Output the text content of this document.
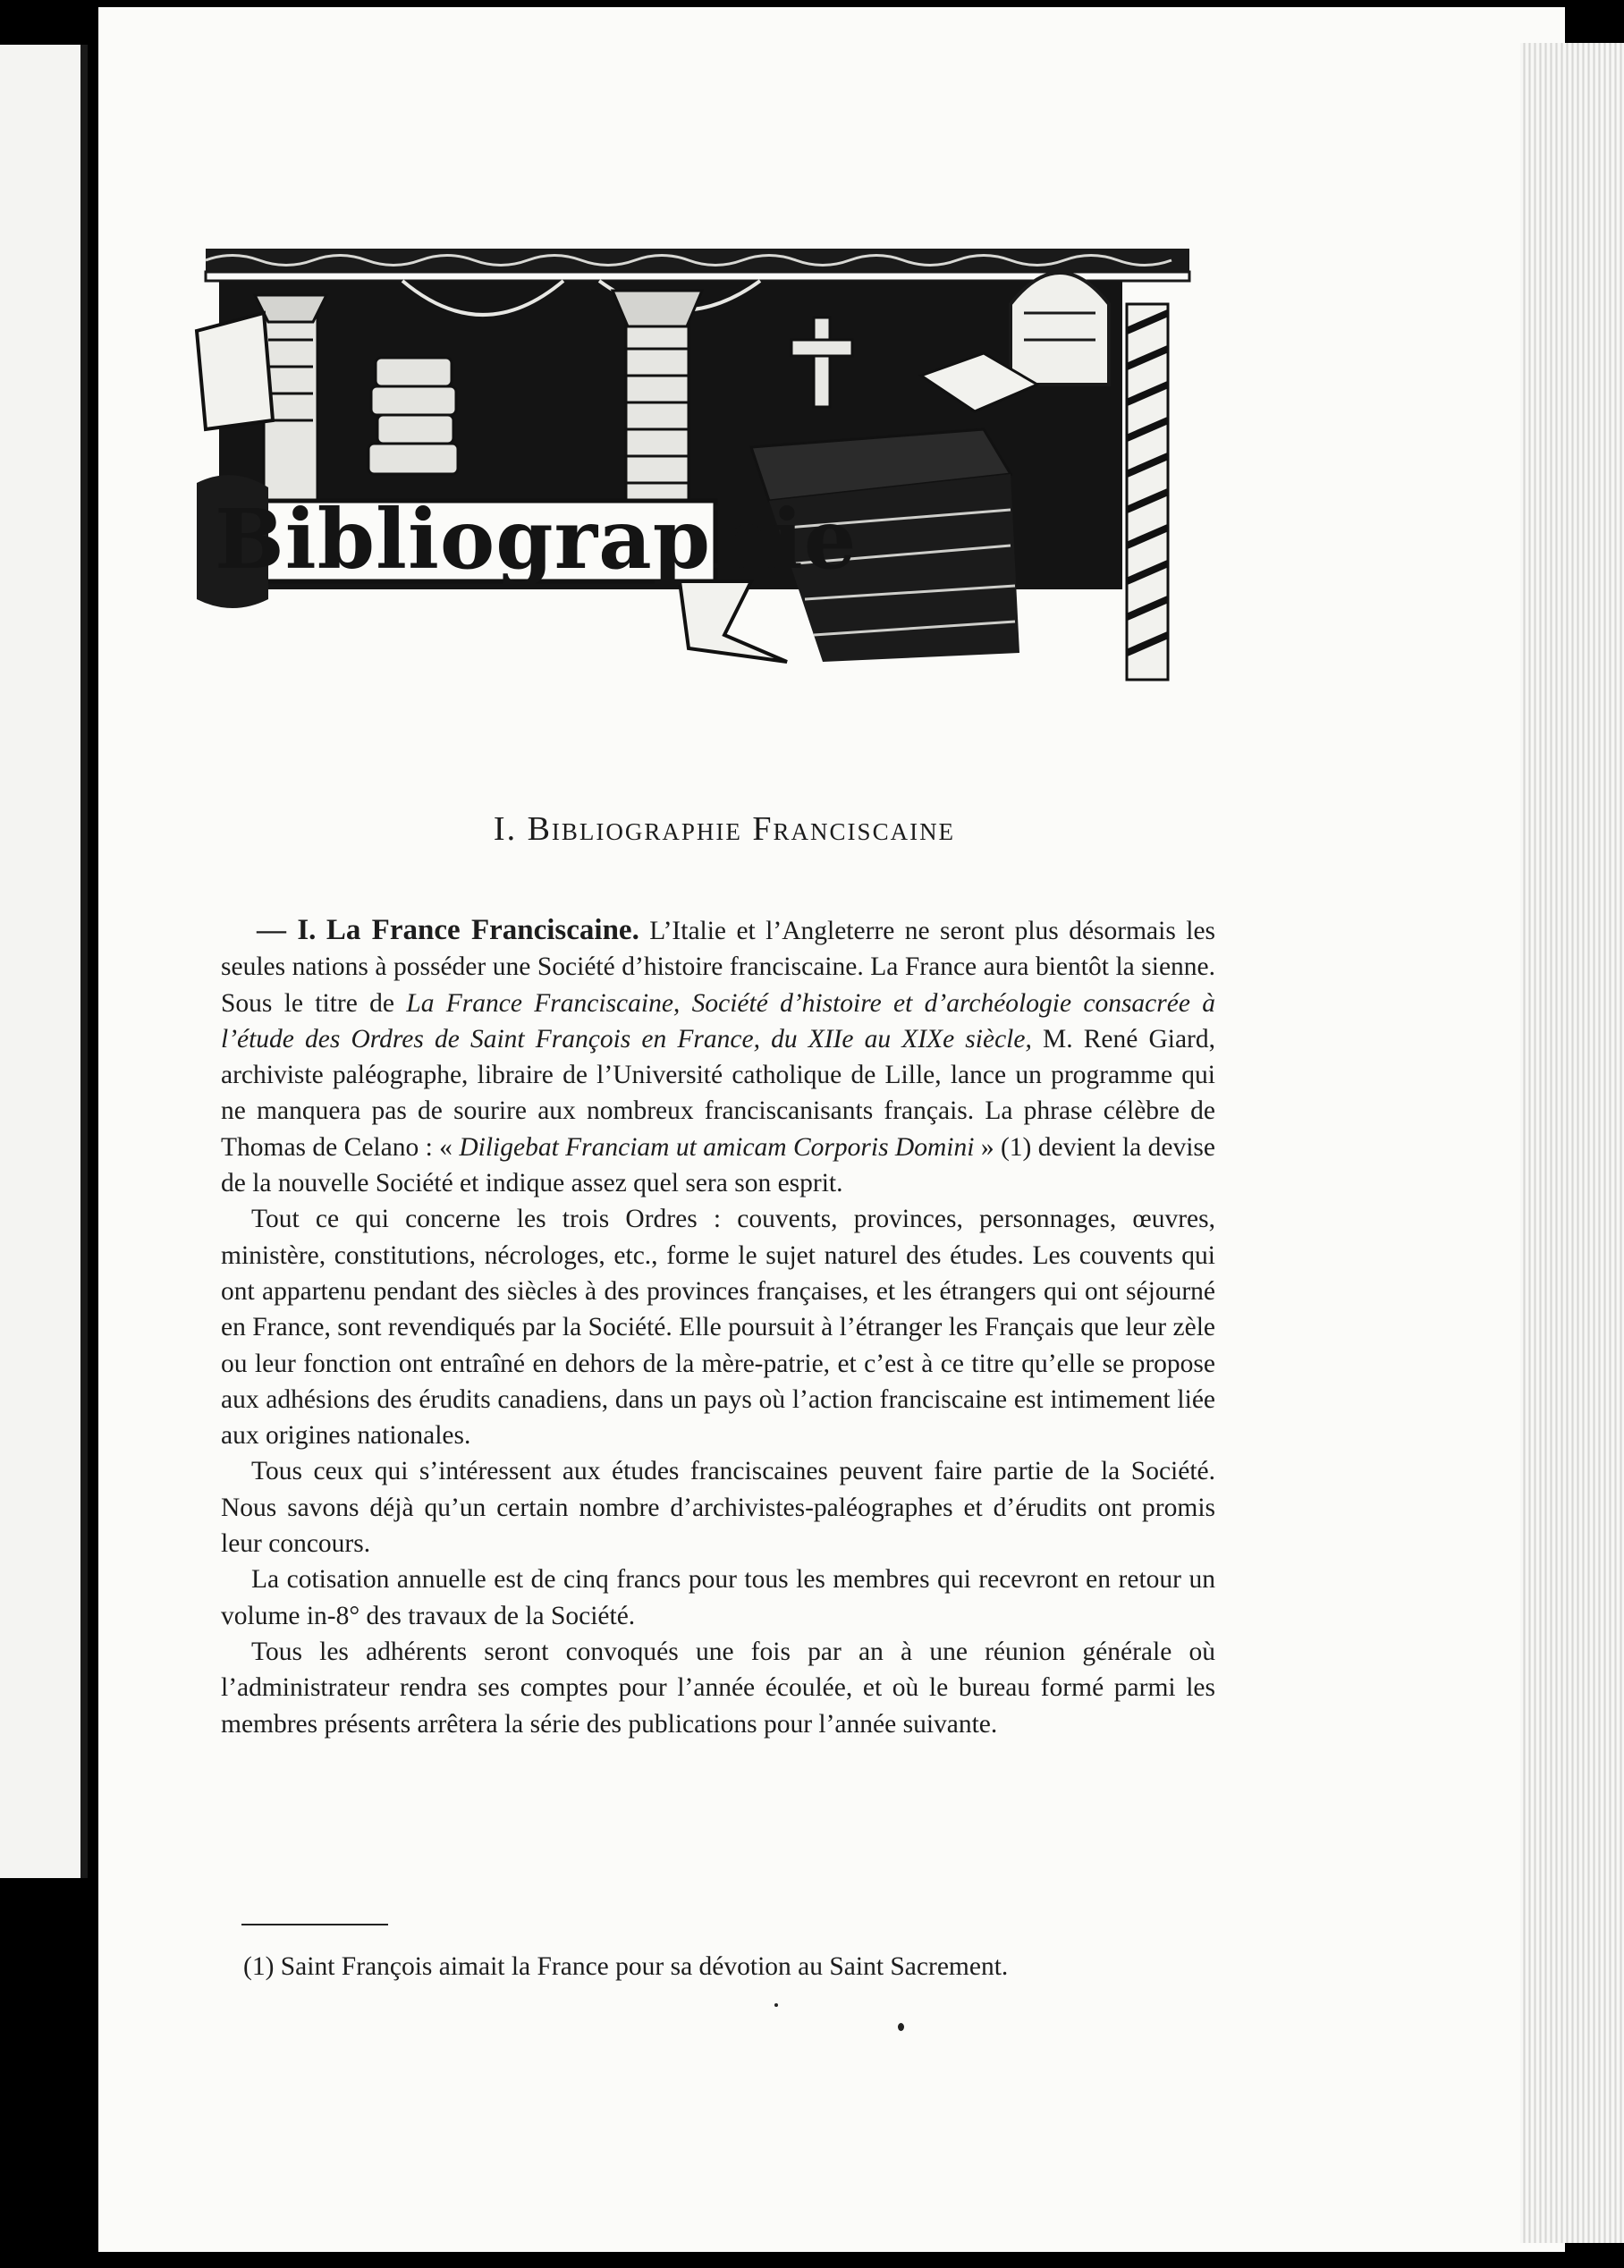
Bibliographie
I. Bibliographie Franciscaine

— I. La France Franciscaine. L’Italie et l’Angleterre ne seront plus désormais les seules nations à posséder une Société d’histoire franciscaine. La France aura bientôt la sienne. Sous le titre de La France Franciscaine, Société d’histoire et d’archéologie consacrée à l’étude des Ordres de Saint François en France, du XIIe au XIXe siècle, M. René Giard, archiviste paléographe, libraire de l’Université catholique de Lille, lance un programme qui ne manquera pas de sourire aux nombreux franciscanisants français. La phrase célèbre de Thomas de Celano : « Diligebat Franciam ut amicam Corporis Domini » (1) devient la devise de la nouvelle Société et indique assez quel sera son esprit.

Tout ce qui concerne les trois Ordres : couvents, provinces, personnages, œuvres, ministère, constitutions, nécrologes, etc., forme le sujet naturel des études. Les couvents qui ont appartenu pendant des siècles à des provinces françaises, et les étrangers qui ont séjourné en France, sont revendiqués par la Société. Elle poursuit à l’étranger les Français que leur zèle ou leur fonction ont entraîné en dehors de la mère-patrie, et c’est à ce titre qu’elle se propose aux adhésions des érudits canadiens, dans un pays où l’action franciscaine est intimement liée aux origines nationales.

Tous ceux qui s’intéressent aux études franciscaines peuvent faire partie de la Société. Nous savons déjà qu’un certain nombre d’archivistes-paléographes et d’érudits ont promis leur concours.

La cotisation annuelle est de cinq francs pour tous les membres qui recevront en retour un volume in-8° des travaux de la Société.

Tous les adhérents seront convoqués une fois par an à une réunion générale où l’administrateur rendra ses comptes pour l’année écoulée, et où le bureau formé parmi les membres présents arrêtera la série des publications pour l’année suivante.

(1) Saint François aimait la France pour sa dévotion au Saint Sacrement.
